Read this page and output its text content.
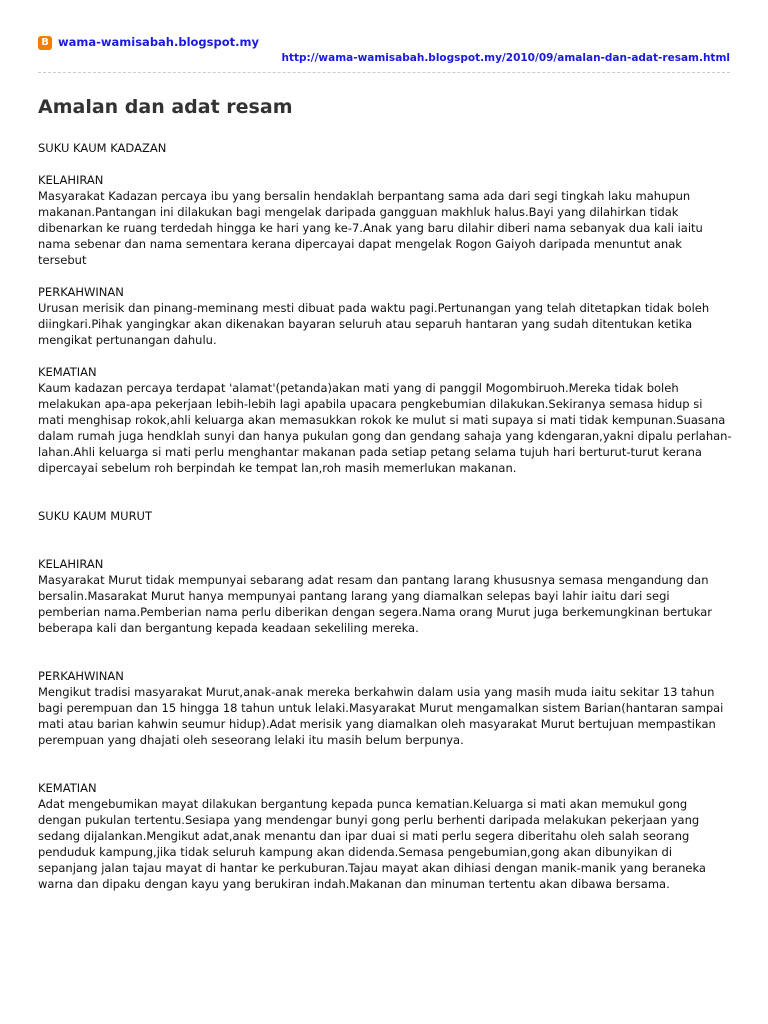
B wama-wamisabah.blogspot.my
http://wama-wamisabah.blogspot.my/2010/09/amalan-dan-adat-resam.html
Amalan dan adat resam

SUKU KAUM KADAZAN

KELAHIRAN

Masyarakat Kadazan percaya ibu yang bersalin hendaklah berpantang sama ada dari segi tingkah laku mahupun makanan.Pantangan ini dilakukan bagi mengelak daripada gangguan makhluk halus.Bayi yang dilahirkan tidak dibenarkan ke ruang terdedah hingga ke hari yang ke-7.Anak yang baru dilahir diberi nama sebanyak dua kali iaitu nama sebenar dan nama sementara kerana dipercayai dapat mengelak Rogon Gaiyoh daripada menuntut anak tersebut

PERKAHWINAN

Urusan merisik dan pinang-meminang mesti dibuat pada waktu pagi.Pertunangan yang telah ditetapkan tidak boleh diingkari.Pihak yangingkar akan dikenakan bayaran seluruh atau separuh hantaran yang sudah ditentukan ketika mengikat pertunangan dahulu.

KEMATIAN

Kaum kadazan percaya terdapat 'alamat'(petanda)akan mati yang di panggil Mogombiruoh.Mereka tidak boleh melakukan apa-apa pekerjaan lebih-lebih lagi apabila upacara pengkebumian dilakukan.Sekiranya semasa hidup si mati menghisap rokok,ahli keluarga akan memasukkan rokok ke mulut si mati supaya si mati tidak kempunan.Suasana dalam rumah juga hendklah sunyi dan hanya pukulan gong dan gendang sahaja yang kdengaran,yakni dipalu perlahan-lahan.Ahli keluarga si mati perlu menghantar makanan pada setiap petang selama tujuh hari berturut-turut kerana dipercayai sebelum roh berpindah ke tempat lan,roh masih memerlukan makanan.

SUKU KAUM MURUT

KELAHIRAN

Masyarakat Murut tidak mempunyai sebarang adat resam dan pantang larang khususnya semasa mengandung dan bersalin.Masarakat Murut hanya mempunyai pantang larang yang diamalkan selepas bayi lahir iaitu dari segi pemberian nama.Pemberian nama perlu diberikan dengan segera.Nama orang Murut juga berkemungkinan bertukar beberapa kali dan bergantung kepada keadaan sekeliling mereka.

PERKAHWINAN

Mengikut tradisi masyarakat Murut,anak-anak mereka berkahwin dalam usia yang masih muda iaitu sekitar 13 tahun bagi perempuan dan 15 hingga 18 tahun untuk lelaki.Masyarakat Murut mengamalkan sistem Barian(hantaran sampai mati atau barian kahwin seumur hidup).Adat merisik yang diamalkan oleh masyarakat Murut bertujuan mempastikan perempuan yang dhajati oleh seseorang lelaki itu masih belum berpunya.

KEMATIAN

Adat mengebumikan mayat dilakukan bergantung kepada punca kematian.Keluarga si mati akan memukul gong dengan pukulan tertentu.Sesiapa yang mendengar bunyi gong perlu berhenti daripada melakukan pekerjaan yang sedang dijalankan.Mengikut adat,anak menantu dan ipar duai si mati perlu segera diberitahu oleh salah seorang penduduk kampung,jika tidak seluruh kampung akan didenda.Semasa pengebumian,gong akan dibunyikan di sepanjang jalan tajau mayat di hantar ke perkuburan.Tajau mayat akan dihiasi dengan manik-manik yang beraneka warna dan dipaku dengan kayu yang berukiran indah.Makanan dan minuman tertentu akan dibawa bersama.
